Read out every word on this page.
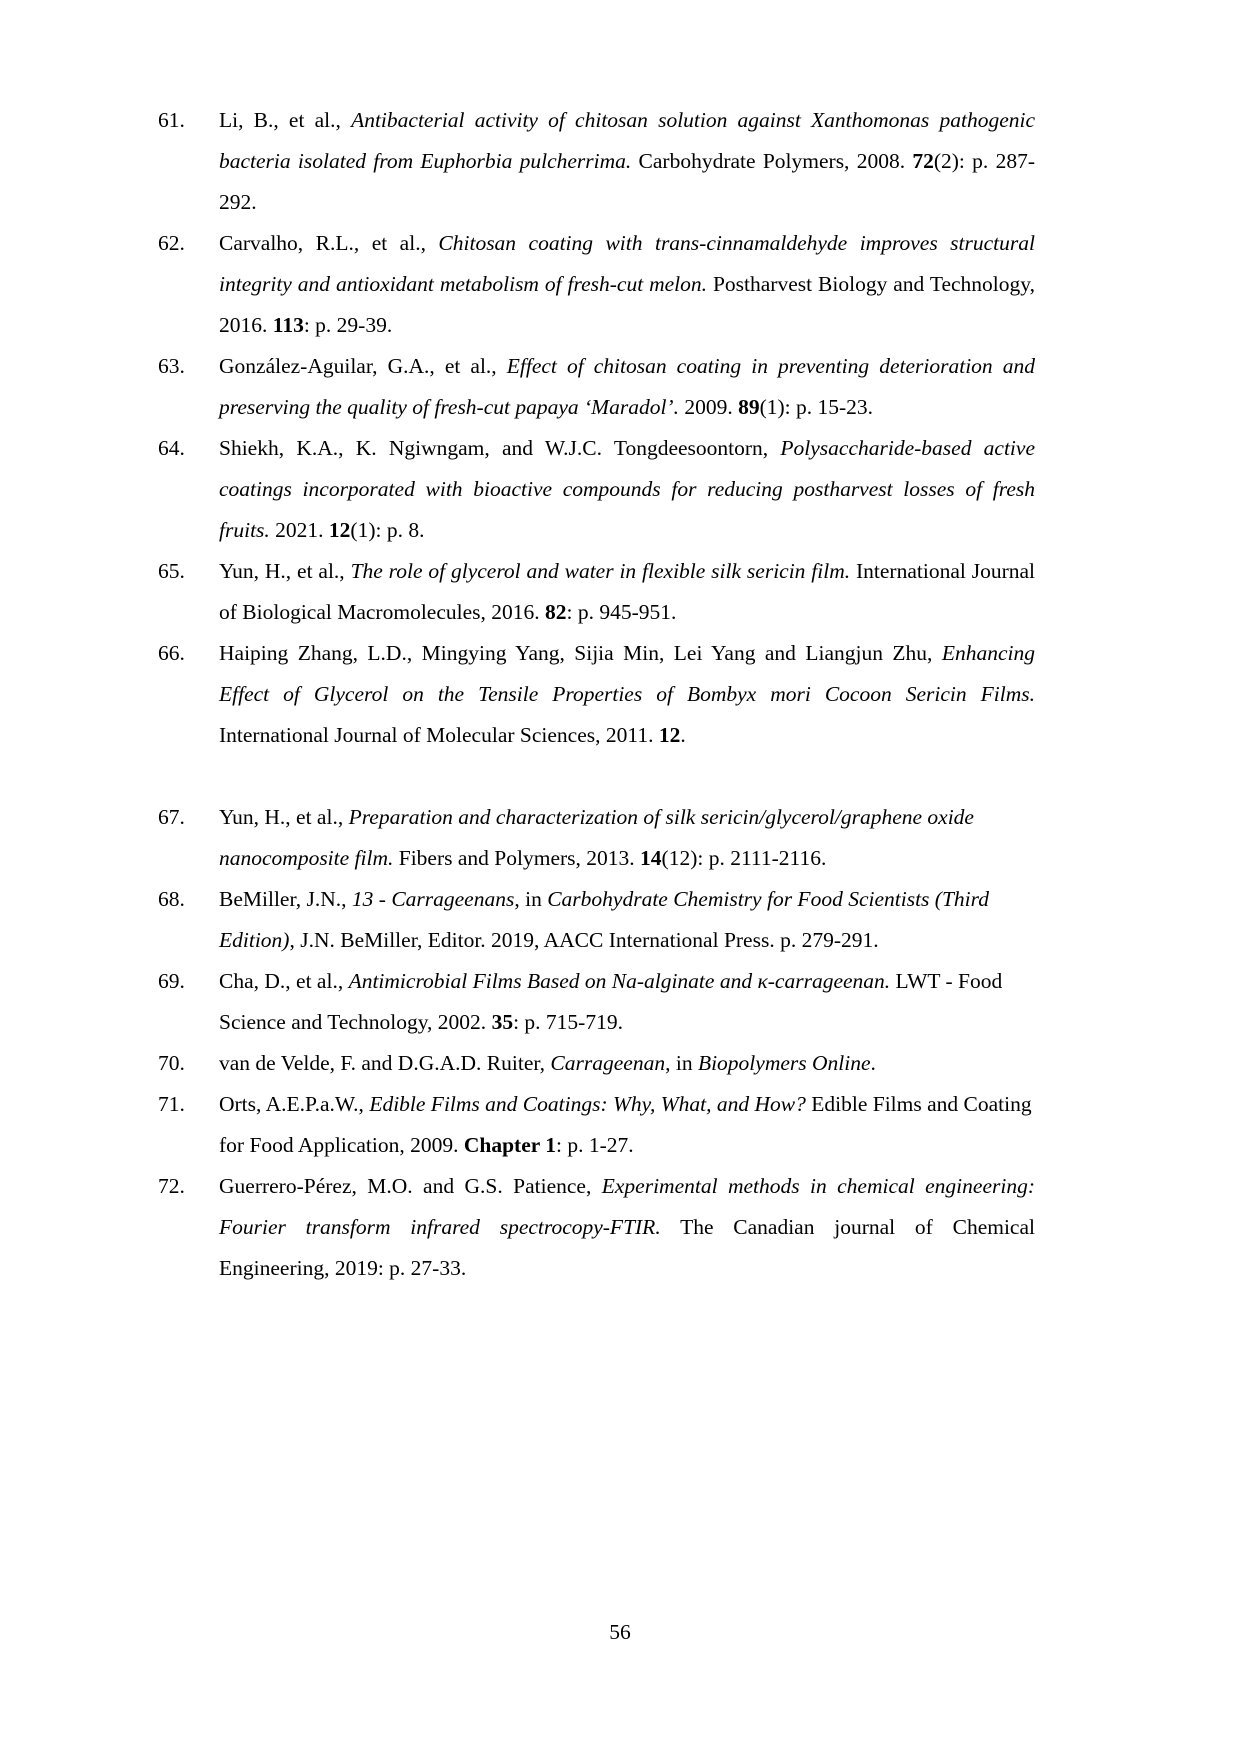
61.	Li, B., et al., Antibacterial activity of chitosan solution against Xanthomonas pathogenic bacteria isolated from Euphorbia pulcherrima. Carbohydrate Polymers, 2008. 72(2): p. 287-292.
62.	Carvalho, R.L., et al., Chitosan coating with trans-cinnamaldehyde improves structural integrity and antioxidant metabolism of fresh-cut melon. Postharvest Biology and Technology, 2016. 113: p. 29-39.
63.	González-Aguilar, G.A., et al., Effect of chitosan coating in preventing deterioration and preserving the quality of fresh-cut papaya ‘Maradol’. 2009. 89(1): p. 15-23.
64.	Shiekh, K.A., K. Ngiwngam, and W.J.C. Tongdeesoontorn, Polysaccharide-based active coatings incorporated with bioactive compounds for reducing postharvest losses of fresh fruits. 2021. 12(1): p. 8.
65.	Yun, H., et al., The role of glycerol and water in flexible silk sericin film. International Journal of Biological Macromolecules, 2016. 82: p. 945-951.
66.	Haiping Zhang, L.D., Mingying Yang, Sijia Min, Lei Yang and Liangjun Zhu, Enhancing Effect of Glycerol on the Tensile Properties of Bombyx mori Cocoon Sericin Films. International Journal of Molecular Sciences, 2011. 12.
67.	Yun, H., et al., Preparation and characterization of silk sericin/glycerol/graphene oxide nanocomposite film. Fibers and Polymers, 2013. 14(12): p. 2111-2116.
68.	BeMiller, J.N., 13 - Carrageenans, in Carbohydrate Chemistry for Food Scientists (Third Edition), J.N. BeMiller, Editor. 2019, AACC International Press. p. 279-291.
69.	Cha, D., et al., Antimicrobial Films Based on Na-alginate and κ-carrageenan. LWT - Food Science and Technology, 2002. 35: p. 715-719.
70.	van de Velde, F. and D.G.A.D. Ruiter, Carrageenan, in Biopolymers Online.
71.	Orts, A.E.P.a.W., Edible Films and Coatings: Why, What, and How? Edible Films and Coating for Food Application, 2009. Chapter 1: p. 1-27.
72.	Guerrero-Pérez, M.O. and G.S. Patience, Experimental methods in chemical engineering: Fourier transform infrared spectrocopy-FTIR. The Canadian journal of Chemical Engineering, 2019: p. 27-33.
56
